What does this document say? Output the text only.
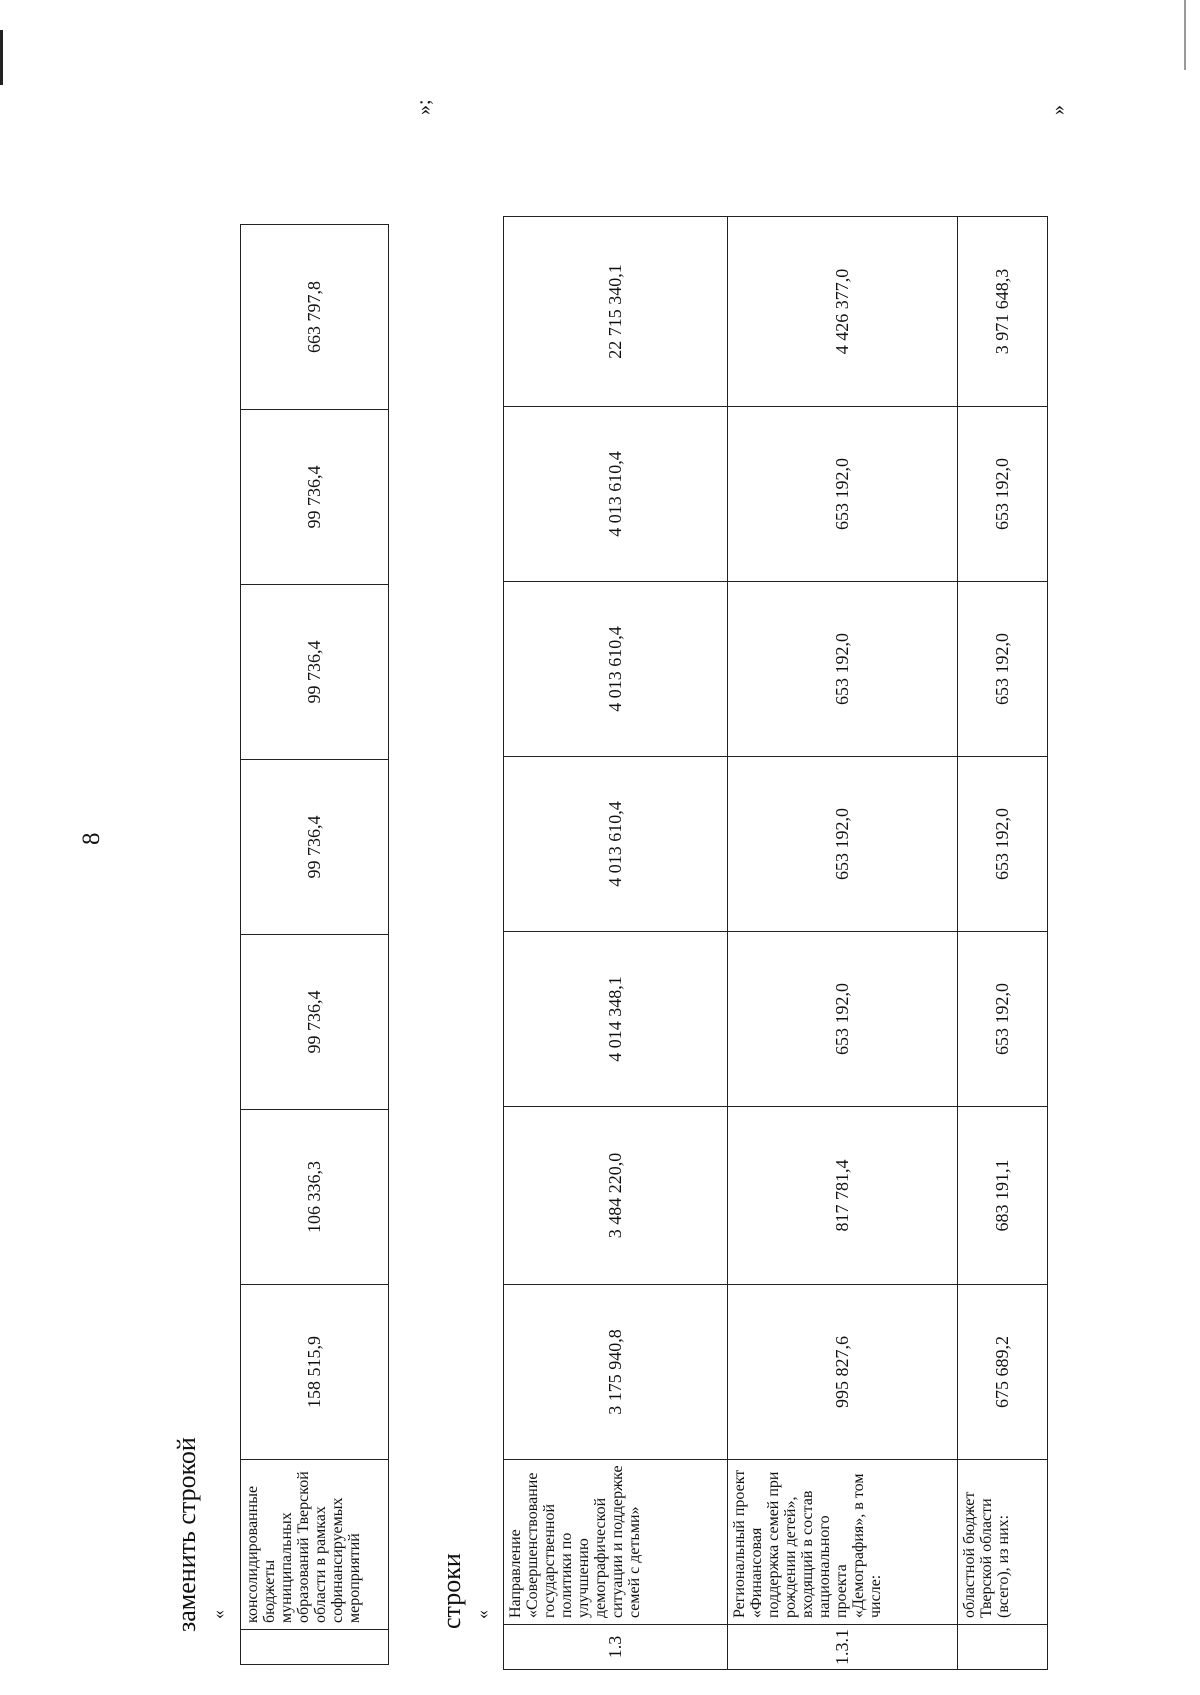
8
заменить строкой «
	консолидированные бюджеты муниципальных образований Тверской области в рамках софинансируемых мероприятий	158 515,9	106 336,3	99 736,4	99 736,4	99 736,4	99 736,4	663 797,8
»;
строки «
1.3	Направление «Совершенствование государственной политики по улучшению демографической ситуации и поддержке семей с детьми»	3 175 940,8	3 484 220,0	4 014 348,1	4 013 610,4	4 013 610,4	4 013 610,4	22 715 340,1
1.3.1	Региональный проект «Финансовая поддержка семей при рождении детей», входящий в состав национального проекта «Демография», в том числе:	995 827,6	817 781,4	653 192,0	653 192,0	653 192,0	653 192,0	4 426 377,0
	областной бюджет Тверской области (всего), из них:	675 689,2	683 191,1	653 192,0	653 192,0	653 192,0	653 192,0	3 971 648,3
»
